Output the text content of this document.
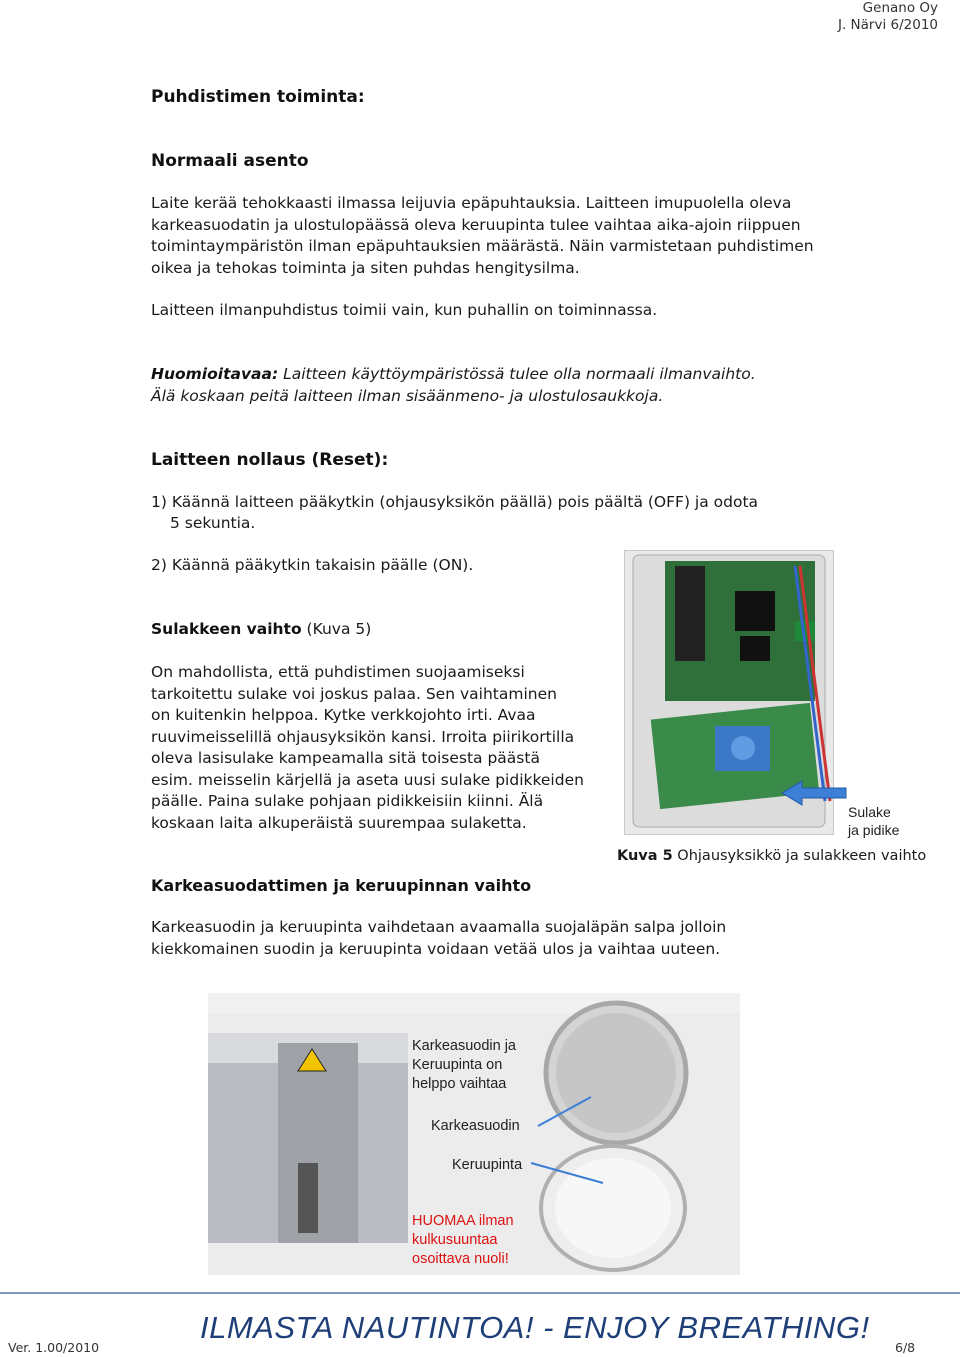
Genano Oy
J. Närvi 6/2010
Puhdistimen toiminta:
Normaali asento
Laite kerää tehokkaasti ilmassa leijuvia epäpuhtauksia. Laitteen imupuolella oleva
karkeasuodatin ja ulostulopäässä oleva keruupinta tulee vaihtaa aika-ajoin riippuen
toimintaympäristön ilman epäpuhtauksien määrästä. Näin varmistetaan puhdistimen
oikea ja tehokas toiminta ja siten puhdas hengitysilma.
Laitteen ilmanpuhdistus toimii vain, kun puhallin on toiminnassa.
Huomioitavaa: Laitteen käyttöympäristössä tulee olla normaali ilmanvaihto.
Älä koskaan peitä laitteen ilman sisäänmeno- ja ulostulosaukkoja.
Laitteen nollaus (Reset):
1) Käännä laitteen pääkytkin (ohjausyksikön päällä) pois päältä (OFF) ja odota
5 sekuntia.
2) Käännä pääkytkin takaisin päälle (ON).
Sulakkeen vaihto (Kuva 5)
On mahdollista, että puhdistimen suojaamiseksi
tarkoitettu sulake voi joskus palaa. Sen vaihtaminen
on kuitenkin helppoa. Kytke verkkojohto irti. Avaa
ruuvimeisselillä ohjausyksikön kansi. Irroita piirikortilla
oleva lasisulake kampeamalla sitä toisesta päästä
esim. meisselin kärjellä ja aseta uusi sulake pidikkeiden
päälle. Paina sulake pohjaan pidikkeisiin kiinni. Älä
koskaan laita alkuperäistä suurempaa sulaketta.
Sulake
ja pidike
Kuva 5 Ohjausyksikkö ja sulakkeen vaihto
Karkeasuodattimen ja keruupinnan vaihto
Karkeasuodin ja keruupinta vaihdetaan avaamalla suojaläpän salpa jolloin
kiekkomainen suodin ja keruupinta voidaan vetää ulos ja vaihtaa uuteen.
Karkeasuodin ja
Keruupinta on
helppo vaihtaa
Karkeasuodin
Keruupinta
HUOMAA ilman
kulkusuuntaa
osoittava nuoli!
ILMASTA NAUTINTOA! - ENJOY BREATHING!
Ver. 1.00/2010	6/8
